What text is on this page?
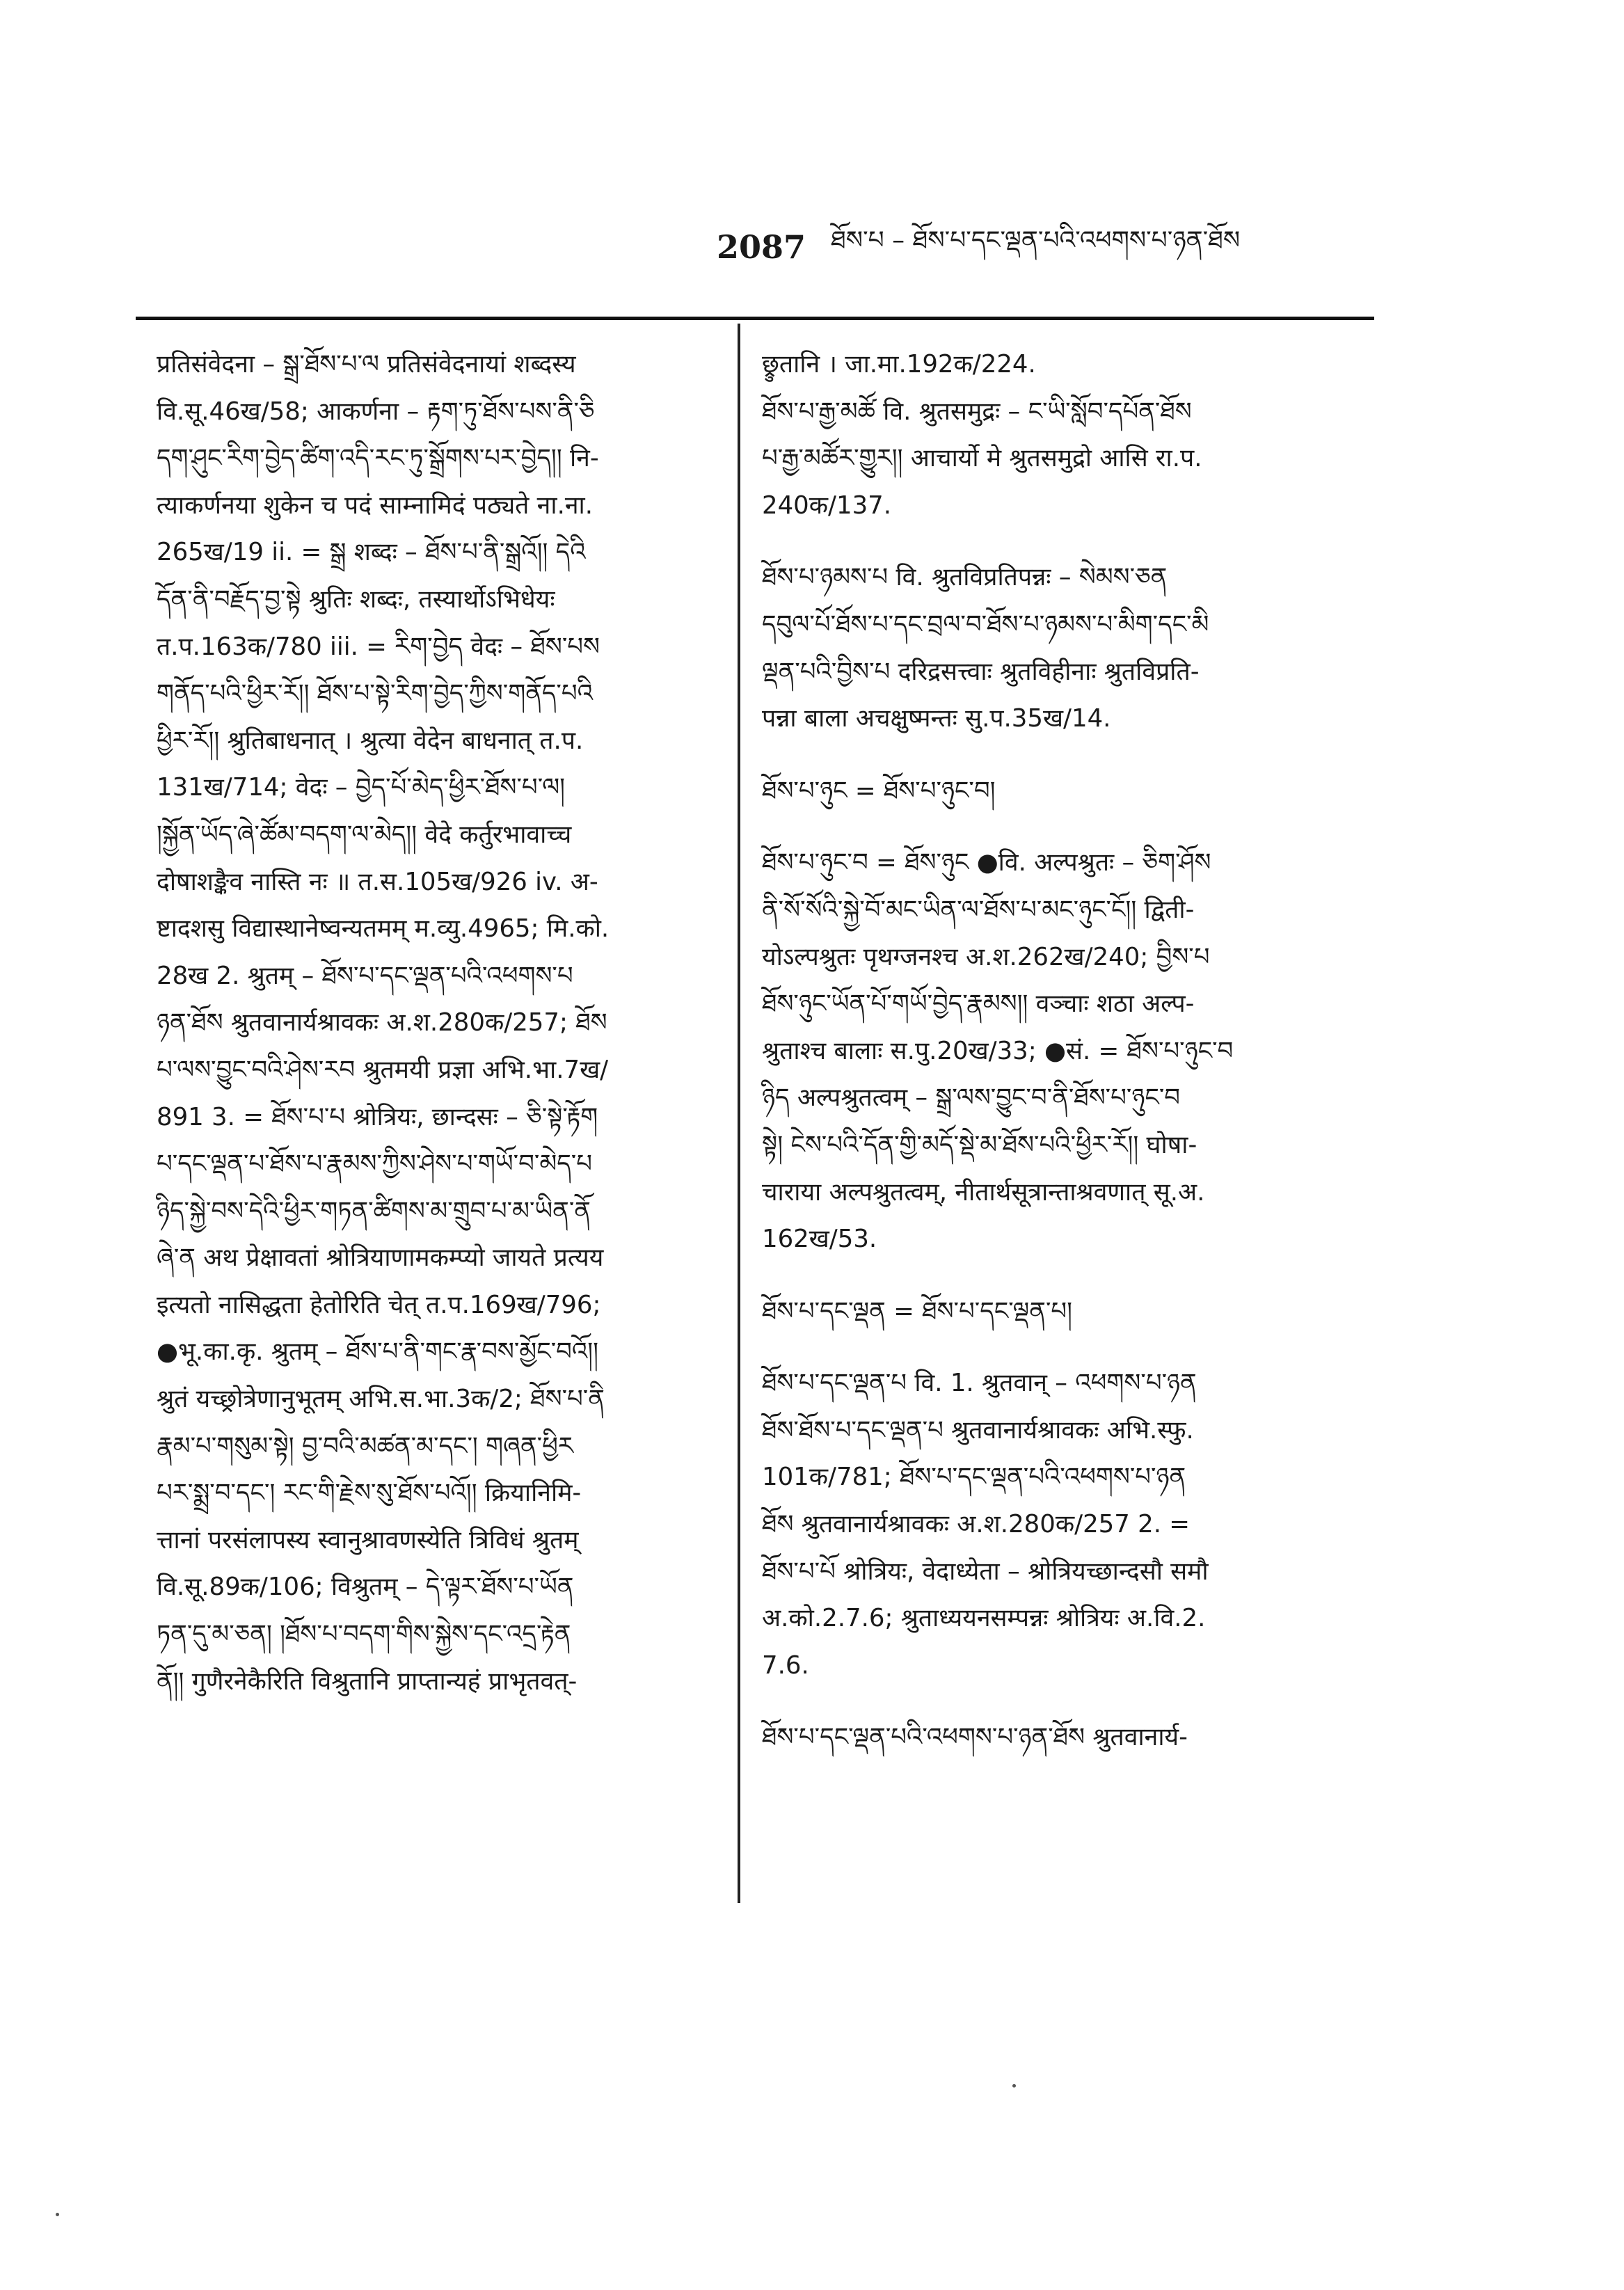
2087 ཐོས་པ – ཐོས་པ་དང་ལྡན་པའི་འཕགས་པ་ཉན་ཐོས
प्रतिसंवेदना – སྒྲ་ཐོས་པ་ལ प्रतिसंवेदनायां शब्दस्य
वि.सू.46ख/58; आकर्णना – རྟག་ཏུ་ཐོས་པས་ནི་ཅི
དག་ཤུང་རིག་བྱེད་ཚིག་འདི་རང་ཏུ་སྒྲོགས་པར་བྱེད།། नि-
त्याकर्णनया शुकेन च पदं साम्नामिदं पठ्यते ना.ना.
265ख/19 ii. = སྒྲ शब्दः – ཐོས་པ་ནི་སྒྲའོ།། དེའི
དོན་ནི་བརྗོད་བྱ་སྟེ श्रुतिः शब्दः, तस्यार्थोऽभिधेयः
त.प.163क/780 iii. = རིག་བྱེད वेदः – ཐོས་པས
གནོད་པའི་ཕྱིར་རོ།། ཐོས་པ་སྟེ་རིག་བྱེད་ཀྱིས་གནོད་པའི
ཕྱིར་རོ།། श्रुतिबाधनात् । श्रुत्या वेदेन बाधनात् त.प.
131ख/714; वेदः – བྱེད་པོ་མེད་ཕྱིར་ཐོས་པ་ལ།
།སྐྱོན་ཡོད་ཞེ་ཚོམ་བདག་ལ་མེད།། वेदे कर्तुरभावाच्च
दोषाशङ्कैव नास्ति नः ॥ त.स.105ख/926 iv. अ-
ष्टादशसु विद्यास्थानेष्वन्यतमम् म.व्यु.4965; मि.को.
28ख 2. श्रुतम् – ཐོས་པ་དང་ལྡན་པའི་འཕགས་པ
ཉན་ཐོས श्रुतवानार्यश्रावकः अ.श.280क/257; ཐོས
པ་ལས་བྱུང་བའི་ཤེས་རབ श्रुतमयी प्रज्ञा अभि.भा.7ख/
891 3. = ཐོས་པ་པ श्रोत्रियः, छान्दसः – ཅི་སྟེ་རྟོག
པ་དང་ལྡན་པ་ཐོས་པ་རྣམས་ཀྱིས་ཤེས་པ་གཡོ་བ་མེད་པ
ཉིད་སྐྱེ་བས་དེའི་ཕྱིར་གཏན་ཚིགས་མ་གྲུབ་པ་མ་ཡིན་ནོ
ཞེ་ན अथ प्रेक्षावतां श्रोत्रियाणामकम्प्यो जायते प्रत्यय
इत्यतो नासिद्धता हेतोरिति चेत् त.प.169ख/796;
●भू.का.कृ. श्रुतम् – ཐོས་པ་ནི་གང་རྣ་བས་མྱོང་བའོ།།
श्रुतं यच्छ्रोत्रेणानुभूतम् अभि.स.भा.3क/2; ཐོས་པ་ནི
རྣམ་པ་གསུམ་སྟེ། བྱ་བའི་མཚན་མ་དང་། གཞན་ཕྱིར
པར་སྨྲ་བ་དང་། རང་གི་རྗེས་སུ་ཐོས་པའོ།། क्रियानिमि-
त्तानां परसंलापस्य स्वानुश्रावणस्येति त्रिविधं श्रुतम्
वि.सू.89क/106; विश्रुतम् – དེ་ལྟར་ཐོས་པ་ཡོན
ཏན་དུ་མ་ཅན། །ཐོས་པ་བདག་གིས་སྐྱེས་དང་འདྲ་རྟེན
ནོ།། गुणैरनेकैरिति विश्रुतानि प्राप्तान्यहं प्राभृतवत्-
छ्रुतानि । जा.मा.192क/224.
ཐོས་པ་རྒྱ་མཚོ वि. श्रुतसमुद्रः – ང་ཡི་སློབ་དཔོན་ཐོས
པ་རྒྱ་མཚོར་གྱུར།། आचार्यो मे श्रुतसमुद्रो आसि रा.प.
240क/137.
ཐོས་པ་ཉམས་པ वि. श्रुतविप्रतिपन्नः – སེམས་ཅན
དབུལ་པོ་ཐོས་པ་དང་བྲལ་བ་ཐོས་པ་ཉམས་པ་མིག་དང་མི
ལྡན་པའི་བྱིས་པ दरिद्रसत्त्वाः श्रुतविहीनाः श्रुतविप्रति-
पन्ना बाला अचक्षुष्मन्तः सु.प.35ख/14.
ཐོས་པ་ཉུང = ཐོས་པ་ཉུང་བ།
ཐོས་པ་ཉུང་བ = ཐོས་ཉུང ●वि. अल्पश्रुतः – ཅིག་ཤོས
ནི་སོ་སོའི་སྐྱེ་བོ་མང་ཡིན་ལ་ཐོས་པ་མང་ཉུང་ངོ།། द्विती-
योऽल्पश्रुतः पृथग्जनश्च अ.श.262ख/240; བྱིས་པ
ཐོས་ཉུང་ཡོན་པོ་གཡོ་བྱེད་རྣམས།། वञ्चाः शठा अल्प-
श्रुताश्च बालाः स.पु.20ख/33; ●सं. = ཐོས་པ་ཉུང་བ
ཉིད अल्पश्रुतत्वम् – སྒྲ་ལས་བྱུང་བ་ནི་ཐོས་པ་ཉུང་བ
སྟེ། ངེས་པའི་དོན་གྱི་མདོ་སྡེ་མ་ཐོས་པའི་ཕྱིར་རོ།། घोषा-
चाराया अल्पश्रुतत्वम्, नीतार्थसूत्रान्ताश्रवणात् सू.अ.
162ख/53.
ཐོས་པ་དང་ལྡན = ཐོས་པ་དང་ལྡན་པ།
ཐོས་པ་དང་ལྡན་པ वि. 1. श्रुतवान् – འཕགས་པ་ཉན
ཐོས་ཐོས་པ་དང་ལྡན་པ श्रुतवानार्यश्रावकः अभि.स्फु.
101क/781; ཐོས་པ་དང་ལྡན་པའི་འཕགས་པ་ཉན
ཐོས श्रुतवानार्यश्रावकः अ.श.280क/257 2. =
ཐོས་པ་པོ श्रोत्रियः, वेदाध्येता – श्रोत्रियच्छान्दसौ समौ
अ.को.2.7.6; श्रुताध्ययनसम्पन्नः श्रोत्रियः अ.वि.2.
7.6.
ཐོས་པ་དང་ལྡན་པའི་འཕགས་པ་ཉན་ཐོས श्रुतवानार्य-
